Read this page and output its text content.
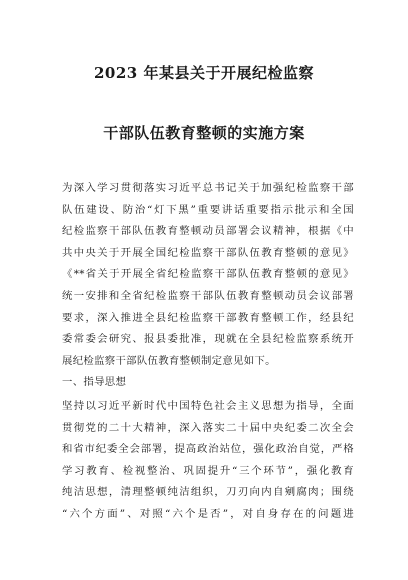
2023 年某县关于开展纪检监察
干部队伍教育整顿的实施方案
为深入学习贯彻落实习近平总书记关于加强纪检监察干部
队伍建设、防治“灯下黑”重要讲话重要指示批示和全国
纪检监察干部队伍教育整顿动员部署会议精神，根据《中
共中央关于开展全国纪检监察干部队伍教育整顿的意见》
《**省关于开展全省纪检监察干部队伍教育整顿的意见》
统一安排和全省纪检监察干部队伍教育整顿动员会议部署
要求，深入推进全县纪检监察干部教育整顿工作，经县纪
委常委会研究、报县委批准，现就在全县纪检监察系统开
展纪检监察干部队伍教育整顿制定意见如下。
一、指导思想
坚持以习近平新时代中国特色社会主义思想为指导，全面
贯彻党的二十大精神，深入落实二十届中央纪委二次全会
和省市纪委全会部署，提高政治站位，强化政治自觉，严格
学习教育、检视整治、巩固提升“三个环节”，强化教育
纯洁思想，清理整顿纯洁组织，刀刃向内自剜腐肉；围绕
“六个方面”、对照“六个是否”，对自身存在的问题进
